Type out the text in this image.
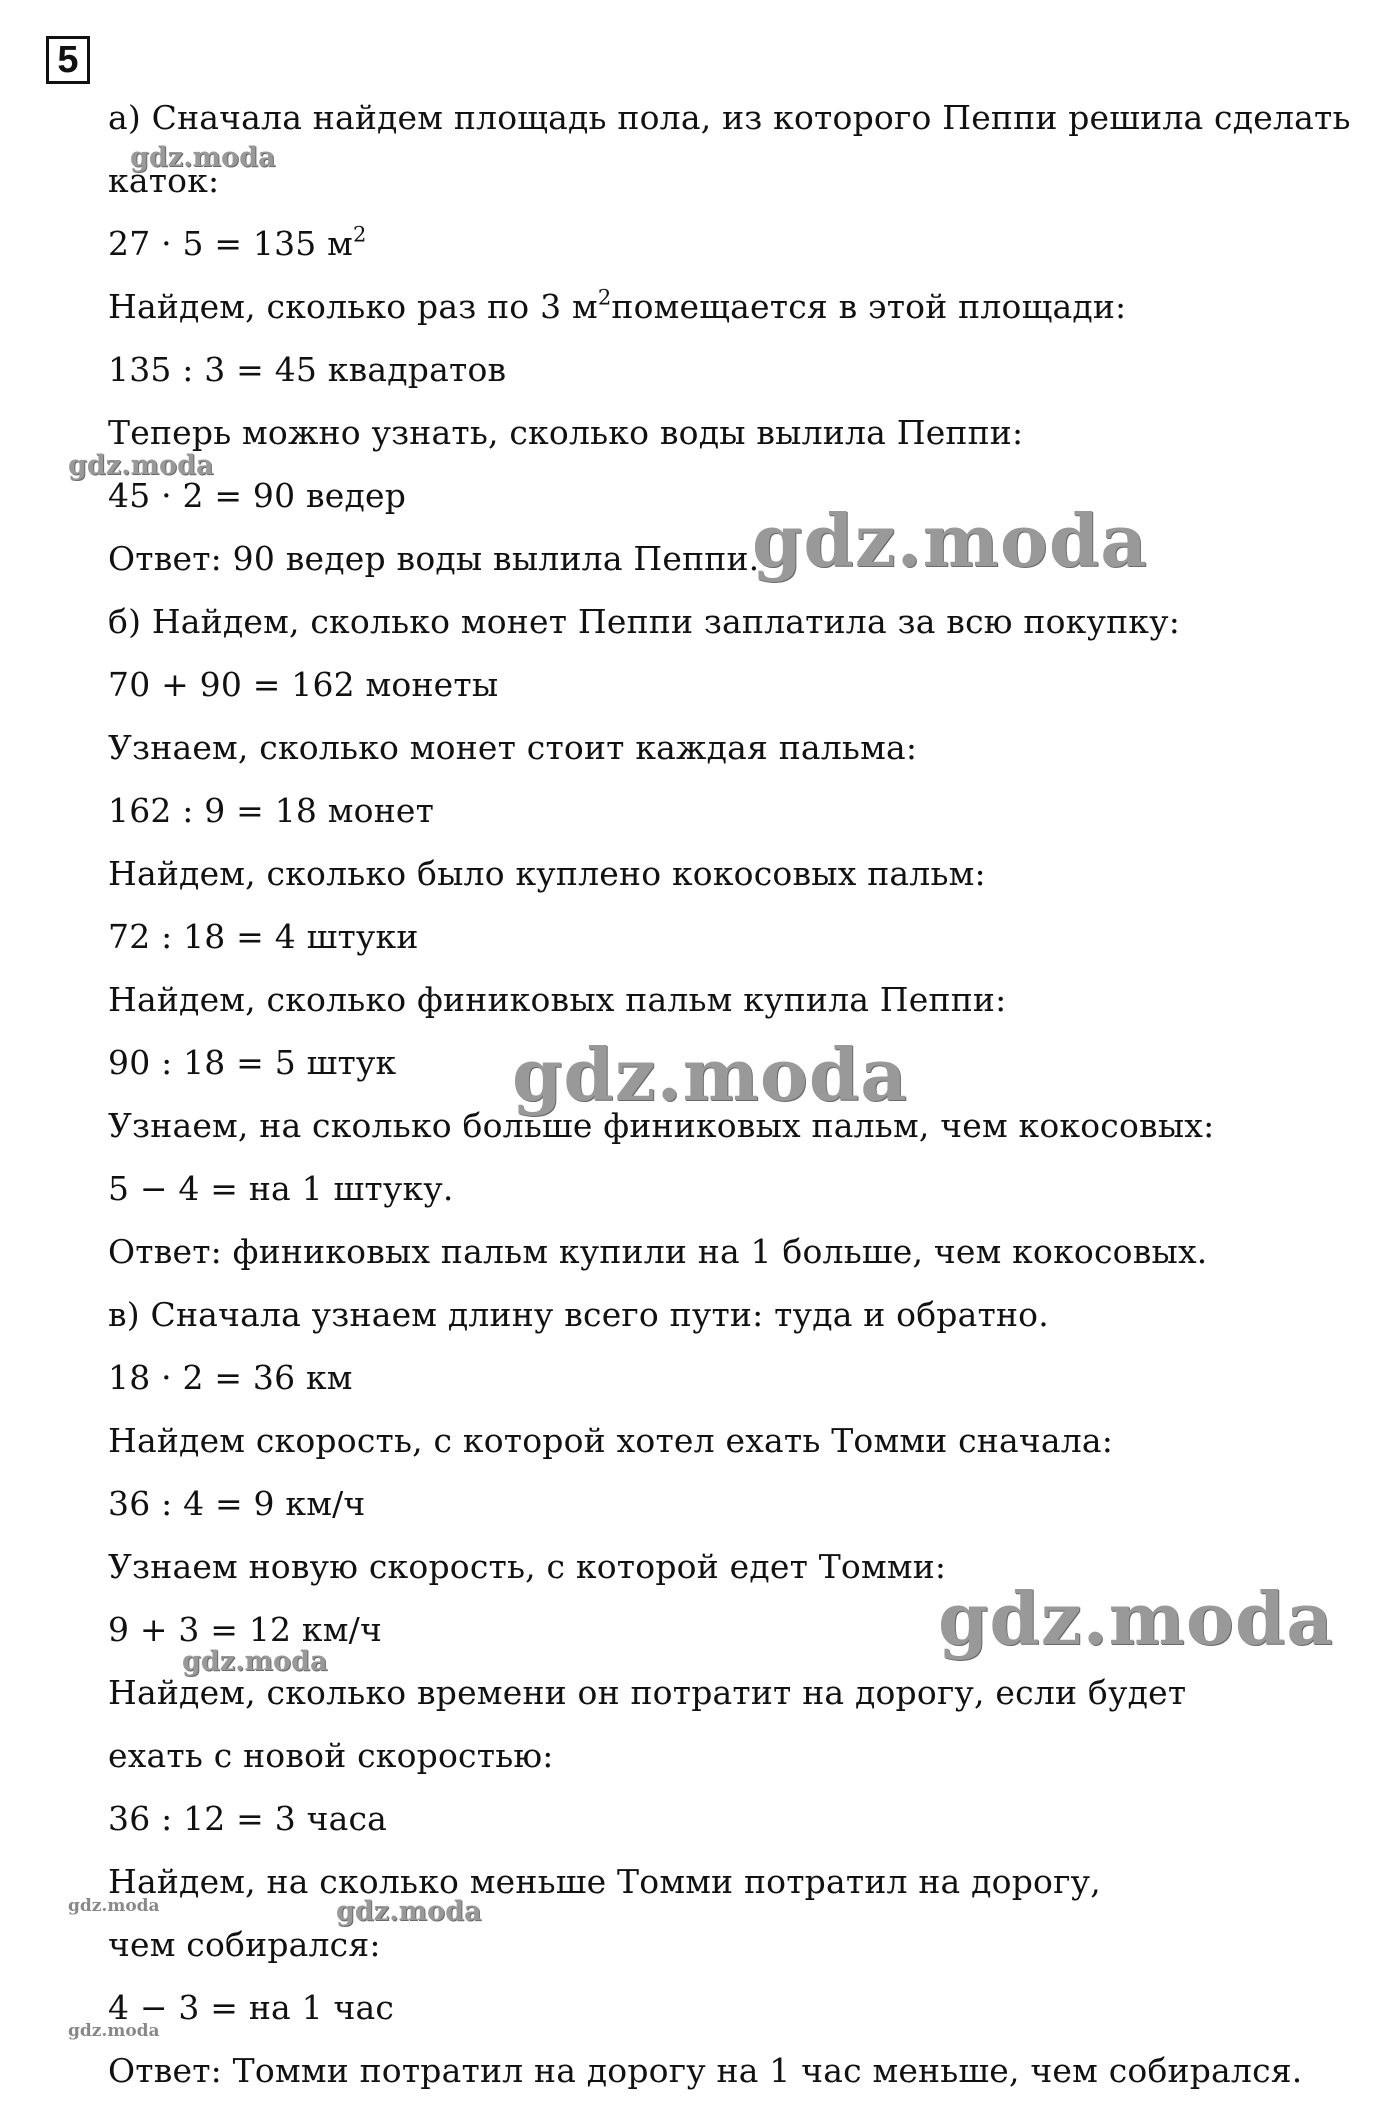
5
а) Сначала найдем площадь пола, из которого Пеппи решила сделать
каток:
27 · 5 = 135 $м^2$
Найдем, сколько раз по 3 $м^2помещается$ в этой площади:
135 : 3 = 45 квадратов
Теперь можно узнать, сколько воды вылила Пеппи:
45 · 2 = 90 ведер
Ответ: 90 ведер воды вылила Пеппи.
б) Найдем, сколько монет Пеппи заплатила за всю покупку:
70 + 90 = 162 монеты
Узнаем, сколько монет стоит каждая пальма:
162 : 9 = 18 монет
Найдем, сколько было куплено кокосовых пальм:
72 : 18 = 4 штуки
Найдем, сколько финиковых пальм купила Пеппи:
90 : 18 = 5 штук
Узнаем, на сколько больше финиковых пальм, чем кокосовых:
5 − 4 = на 1 штуку.
Ответ: финиковых пальм купили на 1 больше, чем кокосовых.
в) Сначала узнаем длину всего пути: туда и обратно.
18 · 2 = 36 км
Найдем скорость, с которой хотел ехать Томми сначала:
36 : 4 = 9 км/ч
Узнаем новую скорость, с которой едет Томми:
9 + 3 = 12 км/ч
Найдем, сколько времени он потратит на дорогу, если будет
ехать с новой скоростью:
36 : 12 = 3 часа
Найдем, на сколько меньше Томми потратил на дорогу,
чем собирался:
4 − 3 = на 1 час
Ответ: Томми потратил на дорогу на 1 час меньше, чем собирался.
gdz.moda
gdz.moda
gdz.moda
gdz.moda
gdz.moda
gdz.moda
gdz.moda	gdz.moda
gdz.moda
